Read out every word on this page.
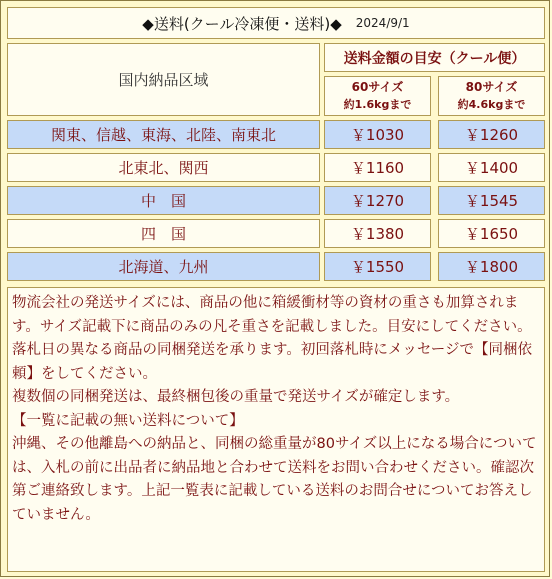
◆送料(クール冷凍便・送料)◆ 2024/9/1
国内納品区域
送料金額の目安（クール便）
60サイズ
約1.6kgまで
80サイズ
約4.6kgまで
関東、信越、東海、北陸、南東北	￥1030	￥1260
北東北、関西	￥1160	￥1400
中　国	￥1270	￥1545
四　国	￥1380	￥1650
北海道、九州	￥1550	￥1800

物流会社の発送サイズには、商品の他に箱緩衝材等の資材の重さも加算されます。サイズ記載下に商品のみの凡そ重さを記載しました。目安にしてください。

落札日の異なる商品の同梱発送を承ります。初回落札時にメッセージで【同梱依頼】をしてください。

複数個の同梱発送は、最終梱包後の重量で発送サイズが確定します。

【一覧に記載の無い送料について】

沖縄、その他離島への納品と、同梱の総重量が80サイズ以上になる場合については、入札の前に出品者に納品地と合わせて送料をお問い合わせください。確認次第ご連絡致します。上記一覧表に記載している送料のお問合せについてお答えしていません。
